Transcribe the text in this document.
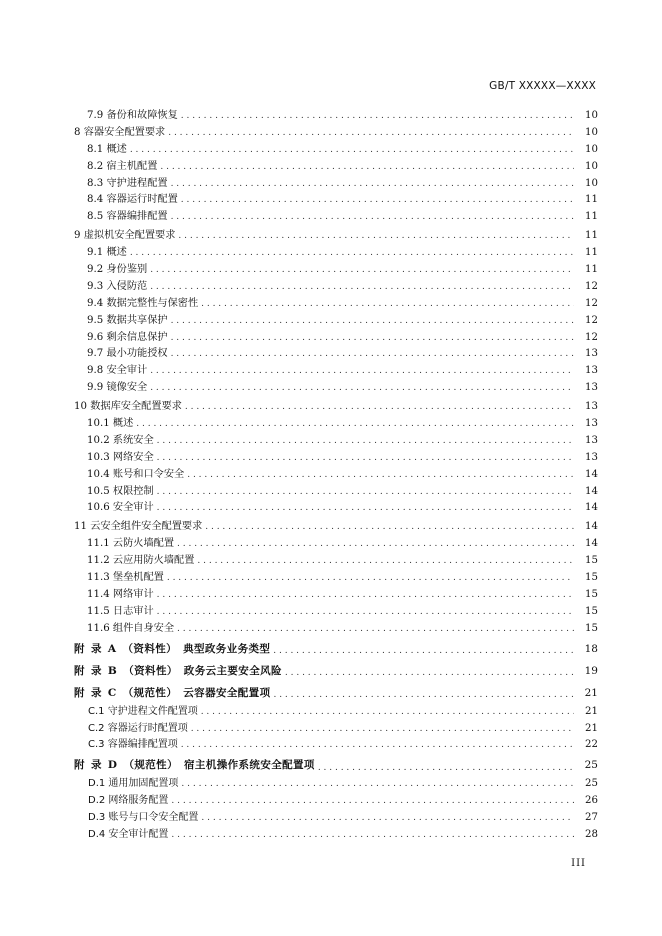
GB/T XXXXX—XXXX
7.9 备份和故障恢复 . . .	10
8 容器安全配置要求 . . .	10
8.1 概述 . . .	10
8.2 宿主机配置 . . .	10
8.3 守护进程配置 . . .	10
8.4 容器运行时配置 . . .	11
8.5 容器编排配置 . . .	11
9 虚拟机安全配置要求 . . .	11
9.1 概述 . . .	11
9.2 身份鉴别 . . .	11
9.3 入侵防范 . . .	12
9.4 数据完整性与保密性 . . .	12
9.5 数据共享保护 . . .	12
9.6 剩余信息保护 . . .	12
9.7 最小功能授权 . . .	13
9.8 安全审计 . . .	13
9.9 镜像安全 . . .	13
10 数据库安全配置要求 . . .	13
10.1 概述 . . .	13
10.2 系统安全 . . .	13
10.3 网络安全 . . .	13
10.4 账号和口令安全 . . .	14
10.5 权限控制 . . .	14
10.6 安全审计 . . .	14
11 云安全组件安全配置要求 . . .	14
11.1 云防火墙配置 . . .	14
11.2 云应用防火墙配置 . . .	15
11.3 堡垒机配置 . . .	15
11.4 网络审计 . . .	15
11.5 日志审计 . . .	15
11.6 组件自身安全 . . .	15
附 录 A （资料性） 典型政务业务类型 . . .	18
附 录 B （资料性） 政务云主要安全风险 . . .	19
附 录 C （规范性） 云容器安全配置项 . . .	21
C.1 守护进程文件配置项 . . .	21
C.2 容器运行时配置项 . . .	21
C.3 容器编排配置项 . . .	22
附 录 D （规范性） 宿主机操作系统安全配置项 . . .	25
D.1 通用加固配置项 . . .	25
D.2 网络服务配置 . . .	26
D.3 账号与口令安全配置 . . .	27
D.4 安全审计配置 . . .	28
III
